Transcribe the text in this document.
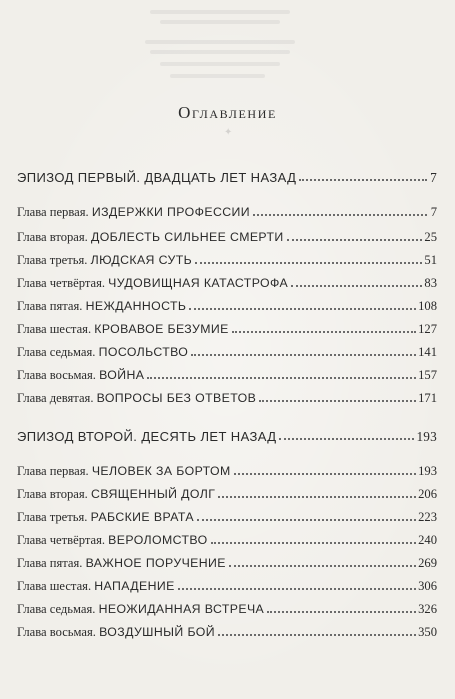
Оглавление
✦
ЭПИЗОД ПЕРВЫЙ. ДВАДЦАТЬ ЛЕТ НАЗАД	7
Глава первая. ИЗДЕРЖКИ ПРОФЕССИИ	7
Глава вторая. ДОБЛЕСТЬ СИЛЬНЕЕ СМЕРТИ	25
Глава третья. ЛЮДСКАЯ СУТЬ	51
Глава четвёртая. ЧУДОВИЩНАЯ КАТАСТРОФА	83
Глава пятая. НЕЖДАННОСТЬ	108
Глава шестая. КРОВАВОЕ БЕЗУМИЕ	127
Глава седьмая. ПОСОЛЬСТВО	141
Глава восьмая. ВОЙНА	157
Глава девятая. ВОПРОСЫ БЕЗ ОТВЕТОВ	171
ЭПИЗОД ВТОРОЙ. ДЕСЯТЬ ЛЕТ НАЗАД	193
Глава первая. ЧЕЛОВЕК ЗА БОРТОМ	193
Глава вторая. СВЯЩЕННЫЙ ДОЛГ	206
Глава третья. РАБСКИЕ ВРАТА	223
Глава четвёртая. ВЕРОЛОМСТВО	240
Глава пятая. ВАЖНОЕ ПОРУЧЕНИЕ	269
Глава шестая. НАПАДЕНИЕ	306
Глава седьмая. НЕОЖИДАННАЯ ВСТРЕЧА	326
Глава восьмая. ВОЗДУШНЫЙ БОЙ	350
